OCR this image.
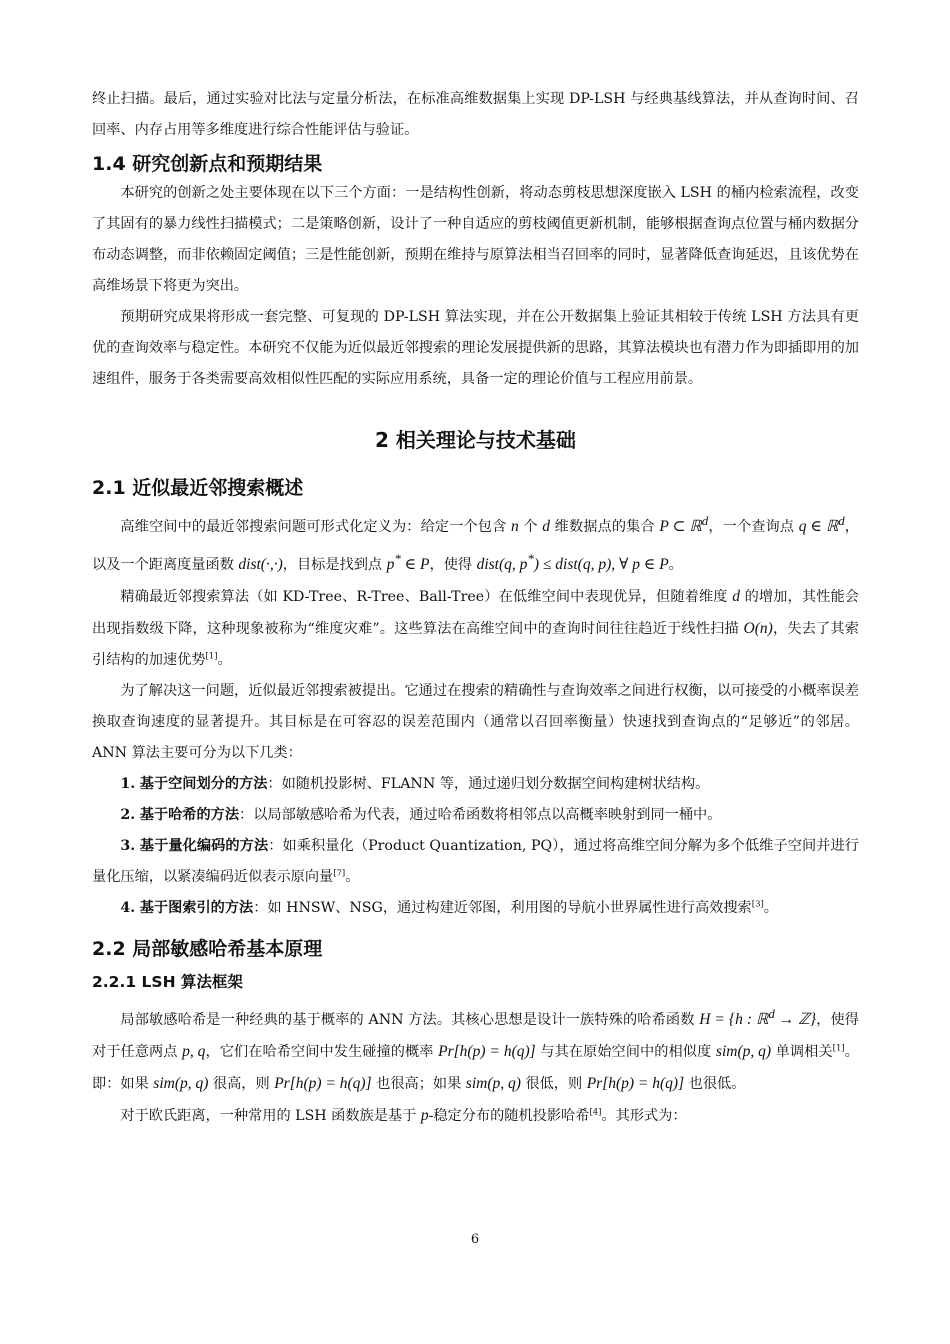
终止扫描。最后，通过实验对比法与定量分析法，在标准高维数据集上实现 DP-LSH 与经典基线算法，并从查询时间、召回率、内存占用等多维度进行综合性能评估与验证。

1.4 研究创新点和预期结果

本研究的创新之处主要体现在以下三个方面：一是结构性创新，将动态剪枝思想深度嵌入 LSH 的桶内检索流程，改变了其固有的暴力线性扫描模式；二是策略创新，设计了一种自适应的剪枝阈值更新机制，能够根据查询点位置与桶内数据分布动态调整，而非依赖固定阈值；三是性能创新，预期在维持与原算法相当召回率的同时，显著降低查询延迟，且该优势在高维场景下将更为突出。

预期研究成果将形成一套完整、可复现的 DP-LSH 算法实现，并在公开数据集上验证其相较于传统 LSH 方法具有更优的查询效率与稳定性。本研究不仅能为近似最近邻搜索的理论发展提供新的思路，其算法模块也有潜力作为即插即用的加速组件，服务于各类需要高效相似性匹配的实际应用系统，具备一定的理论价值与工程应用前景。

2 相关理论与技术基础
2.1 近似最近邻搜索概述

高维空间中的最近邻搜索问题可形式化定义为：给定一个包含 n 个 d 维数据点的集合 P ⊂ ℝ$^d$，一个查询点 q ∈ ℝ$^d$，以及一个距离度量函数 dist(·,·)，目标是找到点 p* ∈ P，使得 dist(q, p*) ≤ dist(q, p), ∀ p ∈ P。

精确最近邻搜索算法（如 KD-Tree、R-Tree、Ball-Tree）在低维空间中表现优异，但随着维度 d 的增加，其性能会出现指数级下降，这种现象被称为“维度灾难”。这些算法在高维空间中的查询时间往往趋近于线性扫描 O(n)，失去了其索引结构的加速优势[1]。

为了解决这一问题，近似最近邻搜索被提出。它通过在搜索的精确性与查询效率之间进行权衡，以可接受的小概率误差换取查询速度的显著提升。其目标是在可容忍的误差范围内（通常以召回率衡量）快速找到查询点的“足够近”的邻居。ANN 算法主要可分为以下几类：

1. 基于空间划分的方法：如随机投影树、FLANN 等，通过递归划分数据空间构建树状结构。

2. 基于哈希的方法：以局部敏感哈希为代表，通过哈希函数将相邻点以高概率映射到同一桶中。

3. 基于量化编码的方法：如乘积量化（Product Quantization, PQ），通过将高维空间分解为多个低维子空间并进行量化压缩，以紧凑编码近似表示原向量[7]。

4. 基于图索引的方法：如 HNSW、NSG，通过构建近邻图，利用图的导航小世界属性进行高效搜索[3]。

2.2 局部敏感哈希基本原理
2.2.1 LSH 算法框架

局部敏感哈希是一种经典的基于概率的 ANN 方法。其核心思想是设计一族特殊的哈希函数 H = {h : ℝ$^d$ → ℤ}，使得对于任意两点 p, q，它们在哈希空间中发生碰撞的概率 Pr[h(p) = h(q)] 与其在原始空间中的相似度 sim(p, q) 单调相关[1]。即：如果 sim(p, q) 很高，则 Pr[h(p) = h(q)] 也很高；如果 sim(p, q) 很低，则 Pr[h(p) = h(q)] 也很低。

对于欧氏距离，一种常用的 LSH 函数族是基于 p-稳定分布的随机投影哈希[4]。其形式为：

6
